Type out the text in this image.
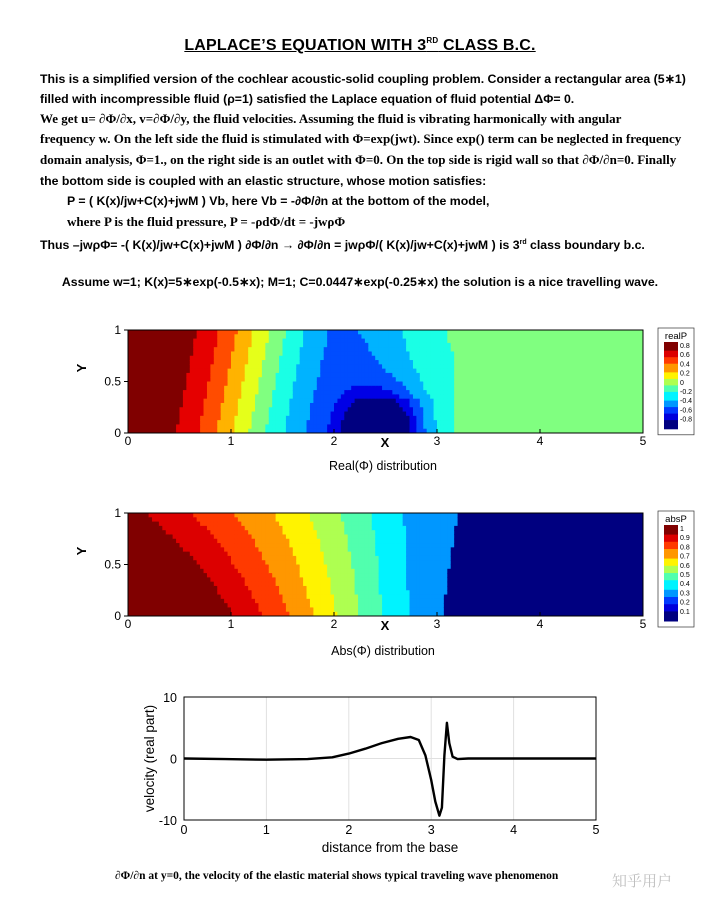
LAPLACE’S EQUATION WITH 3RD CLASS B.C.
This is a simplified version of the cochlear acoustic-solid coupling problem. Consider a rectangular area (5∗1)
filled with incompressible fluid (ρ=1) satisfied the Laplace equation of fluid potential ΔΦ= 0.
We get u= ∂Φ/∂x, v=∂Φ/∂y, the fluid velocities. Assuming the fluid is vibrating harmonically with angular
frequency w. On the left side the fluid is stimulated with Φ=exp(jwt). Since exp() term can be neglected in frequency
domain analysis, Φ=1., on the right side is an outlet with Φ=0. On the top side is rigid wall so that ∂Φ/∂n=0. Finally
the bottom side is coupled with an elastic structure, whose motion satisfies:
P = ( K(x)/jw+C(x)+jwM ) Vb, here Vb = -∂Φ/∂n at the bottom of the model,
where P is the fluid pressure, P = -ρdΦ/dt = -jwρΦ
Thus –jwρΦ= -( K(x)/jw+C(x)+jwM ) ∂Φ/∂n → ∂Φ/∂n = jwρΦ/( K(x)/jw+C(x)+jwM ) is 3rd class boundary b.c.
Assume w=1; K(x)=5∗exp(-0.5∗x); M=1; C=0.0447∗exp(-0.25∗x) the solution is a nice travelling wave.
0	1	2	3	4	5
0
0.5
1
X
Y
realP
0.8
0.6
0.4
0.2
0
-0.2
-0.4
-0.6
-0.8
0	1	2	3	4	5
0
0.5
1
X
Y
absP
1
0.9
0.8
0.7
0.6
0.5
0.4
0.3
0.2
0.1
Real(Φ) distribution
Abs(Φ) distribution
0	1	2	3	4	5
10
0
-10
distance from the base
velocity (real part)
∂Φ/∂n at y=0, the velocity of the elastic material shows typical traveling wave phenomenon	知乎用户
